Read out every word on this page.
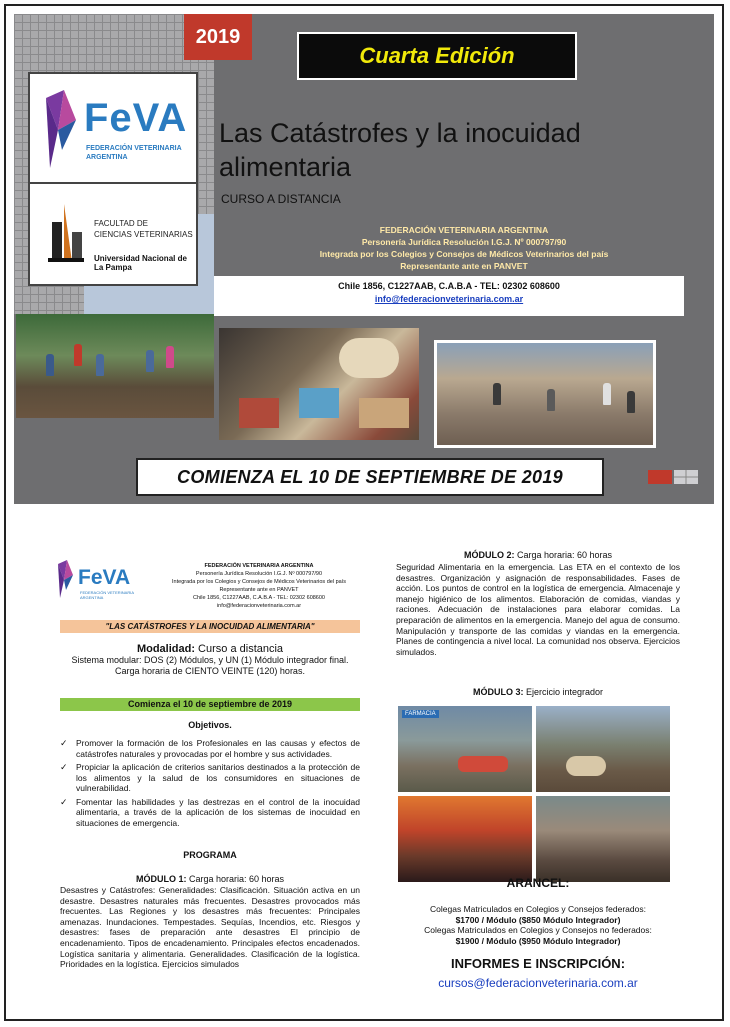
2019
Cuarta Edición
FeVA
FEDERACIÓN VETERINARIA
ARGENTINA
FACULTAD DE
CIENCIAS VETERINARIAS
Universidad Nacional de La Pampa
Las Catástrofes y la inocuidad alimentaria
CURSO A DISTANCIA
FEDERACIÓN VETERINARIA ARGENTINA
Personería Jurídica Resolución I.G.J. Nº 000797/90
Integrada por los Colegios y Consejos de Médicos Veterinarios del país
Representante ante en PANVET
Chile 1856, C1227AAB, C.A.B.A - TEL: 02302 608600
info@federacionveterinaria.com.ar
COMIENZA EL 10 DE SEPTIEMBRE DE 2019
FeVA
FEDERACIÓN VETERINARIA ARGENTINA
FEDERACIÓN VETERINARIA ARGENTINA
Personería Jurídica Resolución I.G.J. Nº 000797/90
Integrada por los Colegios y Consejos de Médicos Veterinarios del país
Representante ante en PANVET
Chile 1856, C1227AAB, C.A.B.A - TEL: 02302 608600
info@federacionveterinaria.com.ar
"LAS CATÁSTROFES Y LA INOCUIDAD ALIMENTARIA"
Modalidad: Curso a distancia
Sistema modular: DOS (2) Módulos, y UN (1) Módulo integrador final.
Carga horaria de CIENTO VEINTE (120) horas.
Comienza el 10 de septiembre de 2019
Objetivos.
✓ Promover la formación de los Profesionales en las causas y efectos de catástrofes naturales y provocadas por el hombre y sus actividades.
✓ Propiciar la aplicación de criterios sanitarios destinados a la protección de los alimentos y la salud de los consumidores en situaciones de vulnerabilidad.
✓ Fomentar las habilidades y las destrezas en el control de la inocuidad alimentaria, a través de la aplicación de los sistemas de inocuidad en situaciones de emergencia.
PROGRAMA
MÓDULO 1: Carga horaria: 60 horas
Desastres y Catástrofes: Generalidades: Clasificación. Situación activa en un desastre. Desastres naturales más frecuentes. Desastres provocados más frecuentes. Las Regiones y los desastres más frecuentes: Principales amenazas. Inundaciones. Tempestades. Sequías, Incendios, etc. Riesgos y desastres: fases de preparación ante desastres El principio de encadenamiento. Tipos de encadenamiento. Principales efectos encadenados. Logística sanitaria y alimentaria. Generalidades. Clasificación de la logística. Prioridades en la logística. Ejercicios simulados
MÓDULO 2: Carga horaria: 60 horas
Seguridad Alimentaria en la emergencia. Las ETA en el contexto de los desastres. Organización y asignación de responsabilidades. Fases de acción. Los puntos de control en la logística de emergencia. Almacenaje y manejo higiénico de los alimentos. Elaboración de comidas, viandas y raciones. Adecuación de instalaciones para elaborar comidas. La preparación de alimentos en la emergencia. Manejo del agua de consumo. Manipulación y transporte de las comidas y viandas en la emergencia. Planes de contingencia a nivel local. La comunidad nos observa. Ejercicios simulados.
MÓDULO 3: Ejercicio integrador
FARMACIA
ARANCEL:
Colegas Matriculados en Colegios y Consejos federados:
$1700 / Módulo ($850 Módulo Integrador)
Colegas Matriculados en Colegios y Consejos no federados:
$1900 / Módulo ($950 Módulo Integrador)
INFORMES E INSCRIPCIÓN:
cursos@federacionveterinaria.com.ar
